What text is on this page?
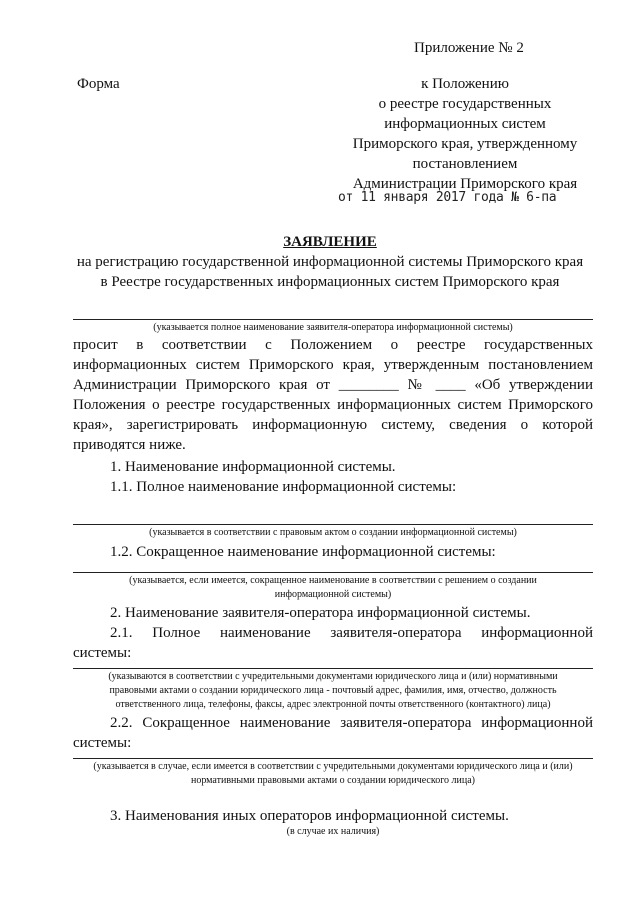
Приложение № 2
Форма	к Положению
о реестре государственных
информационных систем
Приморского края, утвержденному
постановлением
Администрации Приморского края
от 11 января 2017 года № 6-па
ЗАЯВЛЕНИЕ
на регистрацию государственной информационной системы Приморского края
в Реестре государственных информационных систем Приморского края
(указывается полное наименование заявителя-оператора информационной системы)
просит в соответствии с Положением о реестре государственных
информационных систем Приморского края, утвержденным постановлением
Администрации Приморского края от ________ № ____ «Об утверждении
Положения о реестре государственных информационных систем Приморского
края», зарегистрировать информационную систему, сведения о которой
приводятся ниже.
1. Наименование информационной системы.
1.1. Полное наименование информационной системы:
(указывается в соответствии с правовым актом о создании информационной системы)
1.2. Сокращенное наименование информационной системы:
(указывается, если имеется, сокращенное наименование в соответствии с решением о создании
информационной системы)
2. Наименование заявителя-оператора информационной системы.
2.1. Полное наименование заявителя-оператора информационной
системы:
(указываются в соответствии с учредительными документами юридического лица и (или) нормативными
правовыми актами о создании юридического лица - почтовый адрес, фамилия, имя, отчество, должность
ответственного лица, телефоны, факсы, адрес электронной почты ответственного (контактного) лица)
2.2. Сокращенное наименование заявителя-оператора информационной
системы:
(указывается в случае, если имеется в соответствии с учредительными документами юридического лица и (или)
нормативными правовыми актами о создании юридического лица)
3. Наименования иных операторов информационной системы.
(в случае их наличия)
